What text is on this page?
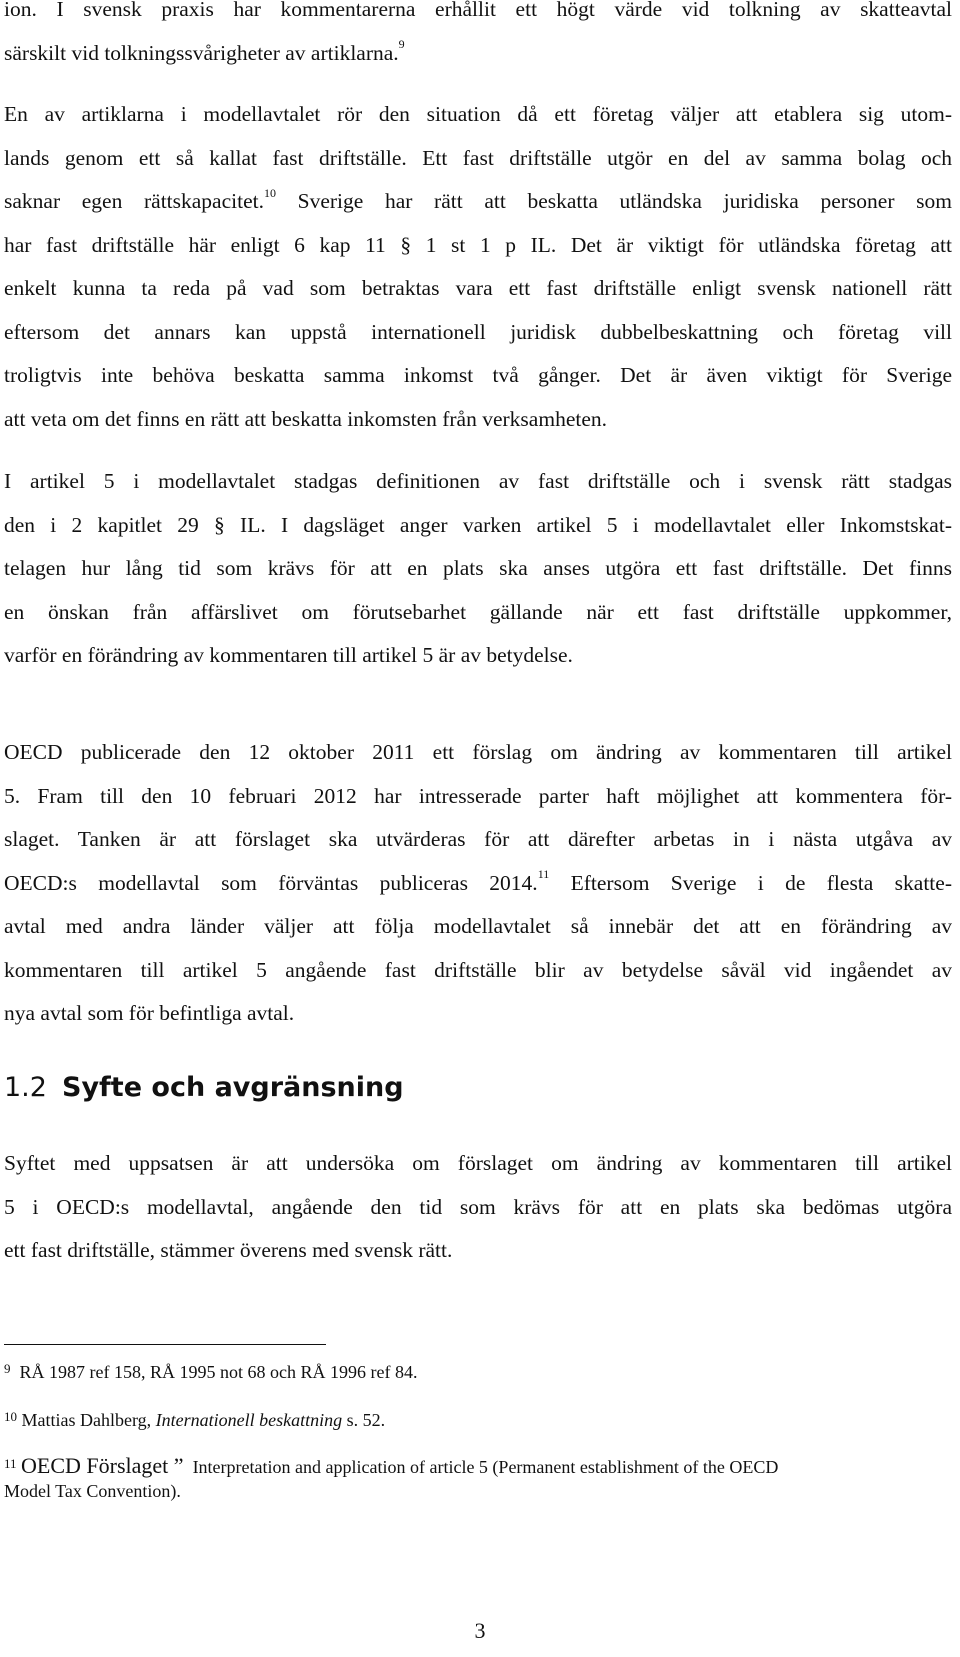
ion. I svensk praxis har kommentarerna erhållit ett högt värde vid tolkning av skatteavtal
särskilt vid tolkningssvårigheter av artiklarna.$^9$

En av artiklarna i modellavtalet rör den situation då ett företag väljer att etablera sig utom-
lands genom ett så kallat fast driftställe. Ett fast driftställe utgör en del av samma bolag och
saknar egen rättskapacitet.$^{10}$ Sverige har rätt att beskatta utländska juridiska personer som
har fast driftställe här enligt 6 kap 11 § 1 st 1 p IL. Det är viktigt för utländska företag att
enkelt kunna ta reda på vad som betraktas vara ett fast driftställe enligt svensk nationell rätt
eftersom det annars kan uppstå internationell juridisk dubbelbeskattning och företag vill
troligtvis inte behöva beskatta samma inkomst två gånger. Det är även viktigt för Sverige
att veta om det finns en rätt att beskatta inkomsten från verksamheten.

I artikel 5 i modellavtalet stadgas definitionen av fast driftställe och i svensk rätt stadgas
den i 2 kapitlet 29 § IL. I dagsläget anger varken artikel 5 i modellavtalet eller Inkomstskat-
telagen hur lång tid som krävs för att en plats ska anses utgöra ett fast driftställe. Det finns
en önskan från affärslivet om förutsebarhet gällande när ett fast driftställe uppkommer,
varför en förändring av kommentaren till artikel 5 är av betydelse.

OECD publicerade den 12 oktober 2011 ett förslag om ändring av kommentaren till artikel
5. Fram till den 10 februari 2012 har intresserade parter haft möjlighet att kommentera för-
slaget. Tanken är att förslaget ska utvärderas för att därefter arbetas in i nästa utgåva av
OECD:s modellavtal som förväntas publiceras 2014.11 Eftersom Sverige i de flesta skatte-
avtal med andra länder väljer att följa modellavtalet så innebär det att en förändring av
kommentaren till artikel 5 angående fast driftställe blir av betydelse såväl vid ingåendet av
nya avtal som för befintliga avtal.

1.2 Syfte och avgränsning

Syftet med uppsatsen är att undersöka om förslaget om ändring av kommentaren till artikel
5 i OECD:s modellavtal, angående den tid som krävs för att en plats ska bedömas utgöra
ett fast driftställe, stämmer överens med svensk rätt.

$^9$ RÅ 1987 ref 158, RÅ 1995 not 68 och RÅ 1996 ref 84.
$^{10}$ Mattias Dahlberg, Internationell beskattning s. 52.
$^{11}$ OECD Förslaget ” Interpretation and application of article 5 (Permanent establishment of the OECD
Model Tax Convention).
3
